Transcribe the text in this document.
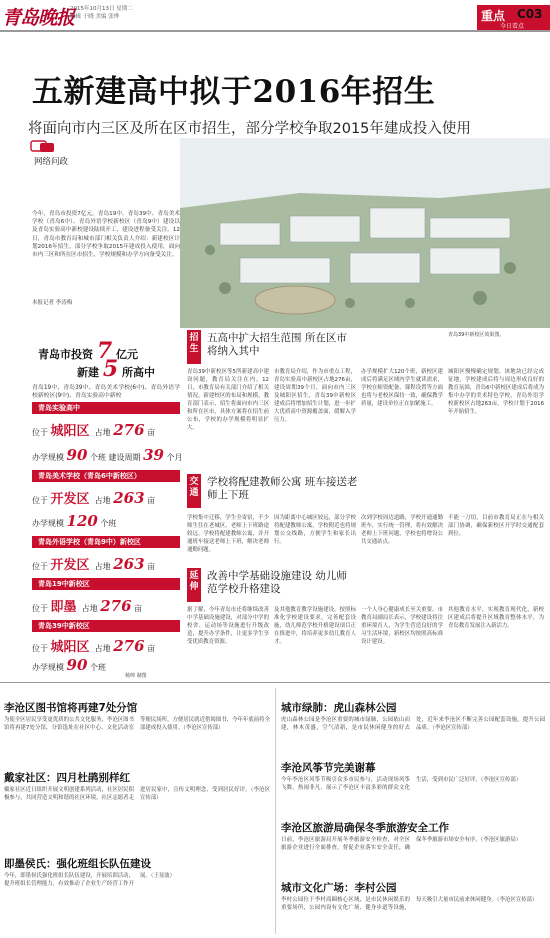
青岛晚报
2015年10月13日 星期二
编辑 于晓 美编 张烨	重点 C03
今日看点
五新建高中拟于2016年招生
将面向市内三区及所在区市招生，部分学校争取2015年建成投入使用
网络问政
青岛39中新校区效果图。
今年，青岛市投资7亿元，青岛19中、青岛39中、青岛美术学校（青岛6中）、青岛外语学校新校区（青岛9中）建设以及青岛实验高中新校建设陆续开工，建设进程备受关注。12日，青岛市教育局和城市部门相关负责人介绍：新建校区计划2016年招生，部分学校争取2015年建成投入使用，面向市内三区和所在区市招生，学校规模和办学方向备受关注。
本报记者 李涛梅
青岛市投资 7 亿元
新建 5 所高中
青岛19中、青岛39中、青岛美术学校(6中)、青岛外语学校新校区(9中)、青岛实验高中新校
青岛实验高中
位于 城阳区 占地 276 亩
办学规模 90 个班 建设周期 39 个月
青岛美术学校（青岛6中新校区）
位于 开发区 占地 263 亩
办学规模 120 个班
青岛外语学校（青岛9中）新校区
位于 开发区 占地 263 亩
青岛19中新校区
位于 即墨 占地 276 亩
青岛39中新校区
位于 城阳区 占地 276 亩
办学规模 90 个班
杨帅 制图
招生
五高中扩大招生范围 所在区市将纳入其中
青岛39中新校区等5所新建高中建设问题，教育局关注在内。12日，市教育局有关部门介绍了相关情况。新建校区的布局和规模，教育部门表示，招生将面向市内三区和所在区市，具体方案将在招生前公布，学校的办学规模将明显扩大。
市教育局介绍，作为市重点工程，青岛实验高中新校区占地276亩，建设周期39个月，面向市内三区及城阳区招生，青岛39中新校区建成后将增加招生计划，进一步扩大优质高中资源覆盖面，缓解入学压力。
办学规模扩大120个班，新校区建成后将满足区域内学生就读需求，学校在师资配备、课程设置等方面也将与老校区保持一致，确保教学质量，建设单位正在加紧施工。
城阳区慢慢确定规划，该地块已经完成征地，学校建成后将与周边形成良好的教育氛围，青岛6中新校区建成后将成为集中办学的美术特色学校，青岛外语学校新校区占地263亩，学校计划于2016年开始招生。
交通
学校将配建教师公寓 班车接送老师上下班
学校集中迁移，学生全寄宿，不少师生住在老城区，老师上下班路途较远。学校将配建教师公寓，并开通班车接送老师上下班，解决老师通勤问题。
因为距离中心城区较远，部分学校将配建教师公寓，学校附近也将规划公交线路，方便学生和家长出行。
次到学校周边道路，学校开通通勤班车，实行统一管理，将有效解决老师上下班问题，学校也将增设公共交通站点。
不能一刀切，目前市教育局正在与相关部门协调，确保新校区开学时交通配套到位。
延伸
改善中学基础设施建设 幼儿师范学校升格建设
据了解，今年青岛市还将继续改善中学基础设施建设，对部分中学的校舍、运动场等设施进行升级改造，提升办学条件，让更多学生享受优质教育资源。
及其他教育教学设施建设，按照标准化学校建设要求，完善配套设施，幼儿师范学校升格建设项目正在推进中，将培养更多幼儿教育人才。
一个人身心健康成长至关重要，市教育局副局长表示，学校建设将注重环境育人，为学生营造良好的学习生活环境，新校区均按照高标准设计建设。
其他教育水平，实现教育现代化，新校区建成后将提升区域教育整体水平，为青岛教育发展注入新活力。
李沧区图书馆将再建7处分馆
为使全区居民享受更优质的公共文化服务，李沧区图书馆将再建7处分馆，分馆选址在社区中心、文化活动室等便民场所，方便居民就近借阅图书，今年年底前将全部建成投入使用。（李沧区宣传部）
戴家社区：四月杜鹃别样红
戴家社区近日组织开展文明创建系列活动，社区居民积极参与，共同营造文明和谐的社区环境，社区志愿者走进居民家中，宣传文明理念，受到居民好评。（李沧区宣传部）
即墨侯氏：强化班组长队伍建设
今年，即墨侯氏强化班组长队伍建设，开展培训活动，提升班组长管理能力，有效推动了企业生产经营工作开展。（王显波）
城市绿肺：虎山森林公园
虎山森林公园是李沧区重要的城市绿肺，公园依山而建，林木茂盛，空气清新，是市民休闲健身的好去处，近年来李沧区不断完善公园配套设施，提升公园品质。（李沧区宣传部）
李沧风筝节完美谢幕
今年李沧区风筝节吸引众多市民参与，活动现场风筝飞舞，热闹非凡，展示了李沧区丰富多彩的群众文化生活，受到市民广泛好评。（李沧区宣传部）
李沧区旅游局确保冬季旅游安全工作
日前，李沧区旅游局开展冬季旅游安全检查，对全区旅游企业进行全面排查，督促企业落实安全责任，确保冬季旅游市场安全有序。（李沧区旅游局）
城市文化广场：李村公园
李村公园位于李村商圈核心区域，是市民休闲娱乐的重要场所，公园内设有文化广场、健身步道等设施，每天吸引大量市民前来休闲健身。（李沧区宣传部）
